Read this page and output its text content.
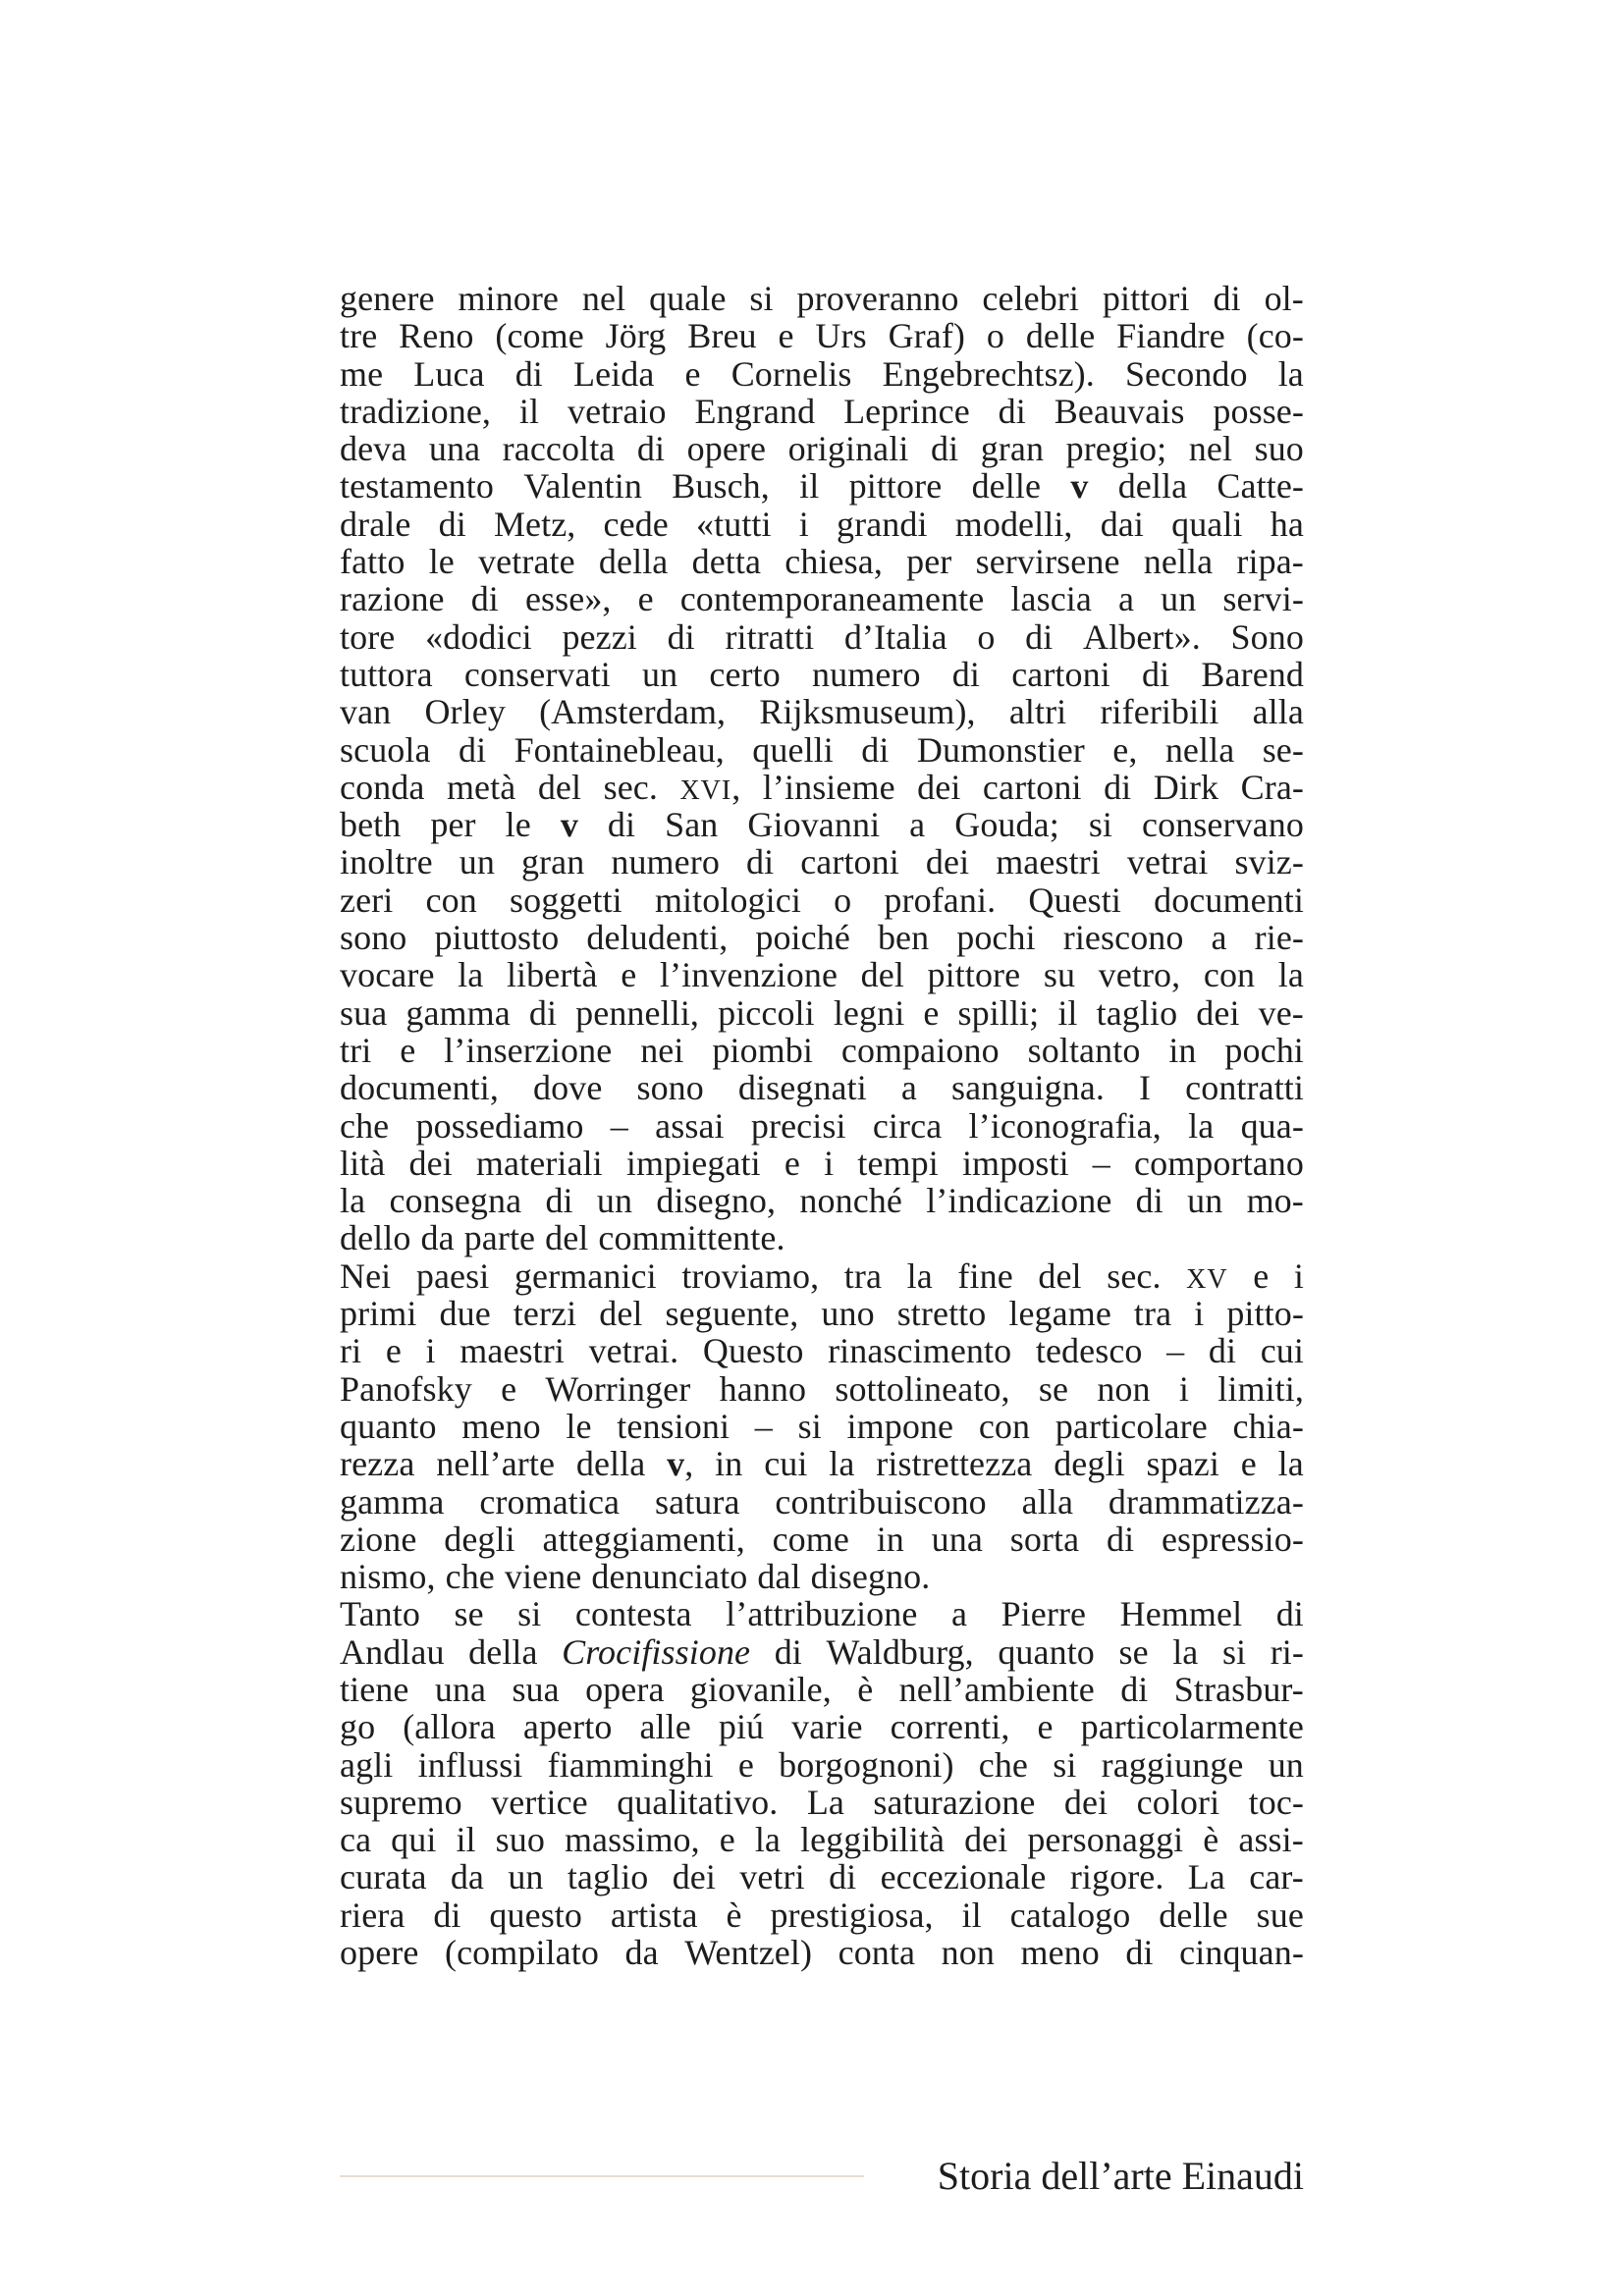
genere minore nel quale si proveranno celebri pittori di ol-
tre Reno (come Jörg Breu e Urs Graf) o delle Fiandre (co-
me Luca di Leida e Cornelis Engebrechtsz). Secondo la
tradizione, il vetraio Engrand Leprince di Beauvais posse-
deva una raccolta di opere originali di gran pregio; nel suo
testamento Valentin Busch, il pittore delle v della Catte-
drale di Metz, cede «tutti i grandi modelli, dai quali ha
fatto le vetrate della detta chiesa, per servirsene nella ripa-
razione di esse», e contemporaneamente lascia a un servi-
tore «dodici pezzi di ritratti d’Italia o di Albert». Sono
tuttora conservati un certo numero di cartoni di Barend
van Orley (Amsterdam, Rijksmuseum), altri riferibili alla
scuola di Fontainebleau, quelli di Dumonstier e, nella se-
conda metà del sec. XVI, l’insieme dei cartoni di Dirk Cra-
beth per le v di San Giovanni a Gouda; si conservano
inoltre un gran numero di cartoni dei maestri vetrai sviz-
zeri con soggetti mitologici o profani. Questi documenti
sono piuttosto deludenti, poiché ben pochi riescono a rie-
vocare la libertà e l’invenzione del pittore su vetro, con la
sua gamma di pennelli, piccoli legni e spilli; il taglio dei ve-
tri e l’inserzione nei piombi compaiono soltanto in pochi
documenti, dove sono disegnati a sanguigna. I contratti
che possediamo – assai precisi circa l’iconografia, la qua-
lità dei materiali impiegati e i tempi imposti – comportano
la consegna di un disegno, nonché l’indicazione di un mo-
dello da parte del committente.
Nei paesi germanici troviamo, tra la fine del sec. XV e i
primi due terzi del seguente, uno stretto legame tra i pitto-
ri e i maestri vetrai. Questo rinascimento tedesco – di cui
Panofsky e Worringer hanno sottolineato, se non i limiti,
quanto meno le tensioni – si impone con particolare chia-
rezza nell’arte della v, in cui la ristrettezza degli spazi e la
gamma cromatica satura contribuiscono alla drammatizza-
zione degli atteggiamenti, come in una sorta di espressio-
nismo, che viene denunciato dal disegno.
Tanto se si contesta l’attribuzione a Pierre Hemmel di
Andlau della Crocifissione di Waldburg, quanto se la si ri-
tiene una sua opera giovanile, è nell’ambiente di Strasbur-
go (allora aperto alle piú varie correnti, e particolarmente
agli influssi fiamminghi e borgognoni) che si raggiunge un
supremo vertice qualitativo. La saturazione dei colori toc-
ca qui il suo massimo, e la leggibilità dei personaggi è assi-
curata da un taglio dei vetri di eccezionale rigore. La car-
riera di questo artista è prestigiosa, il catalogo delle sue
opere (compilato da Wentzel) conta non meno di cinquan-
Storia dell’arte Einaudi
